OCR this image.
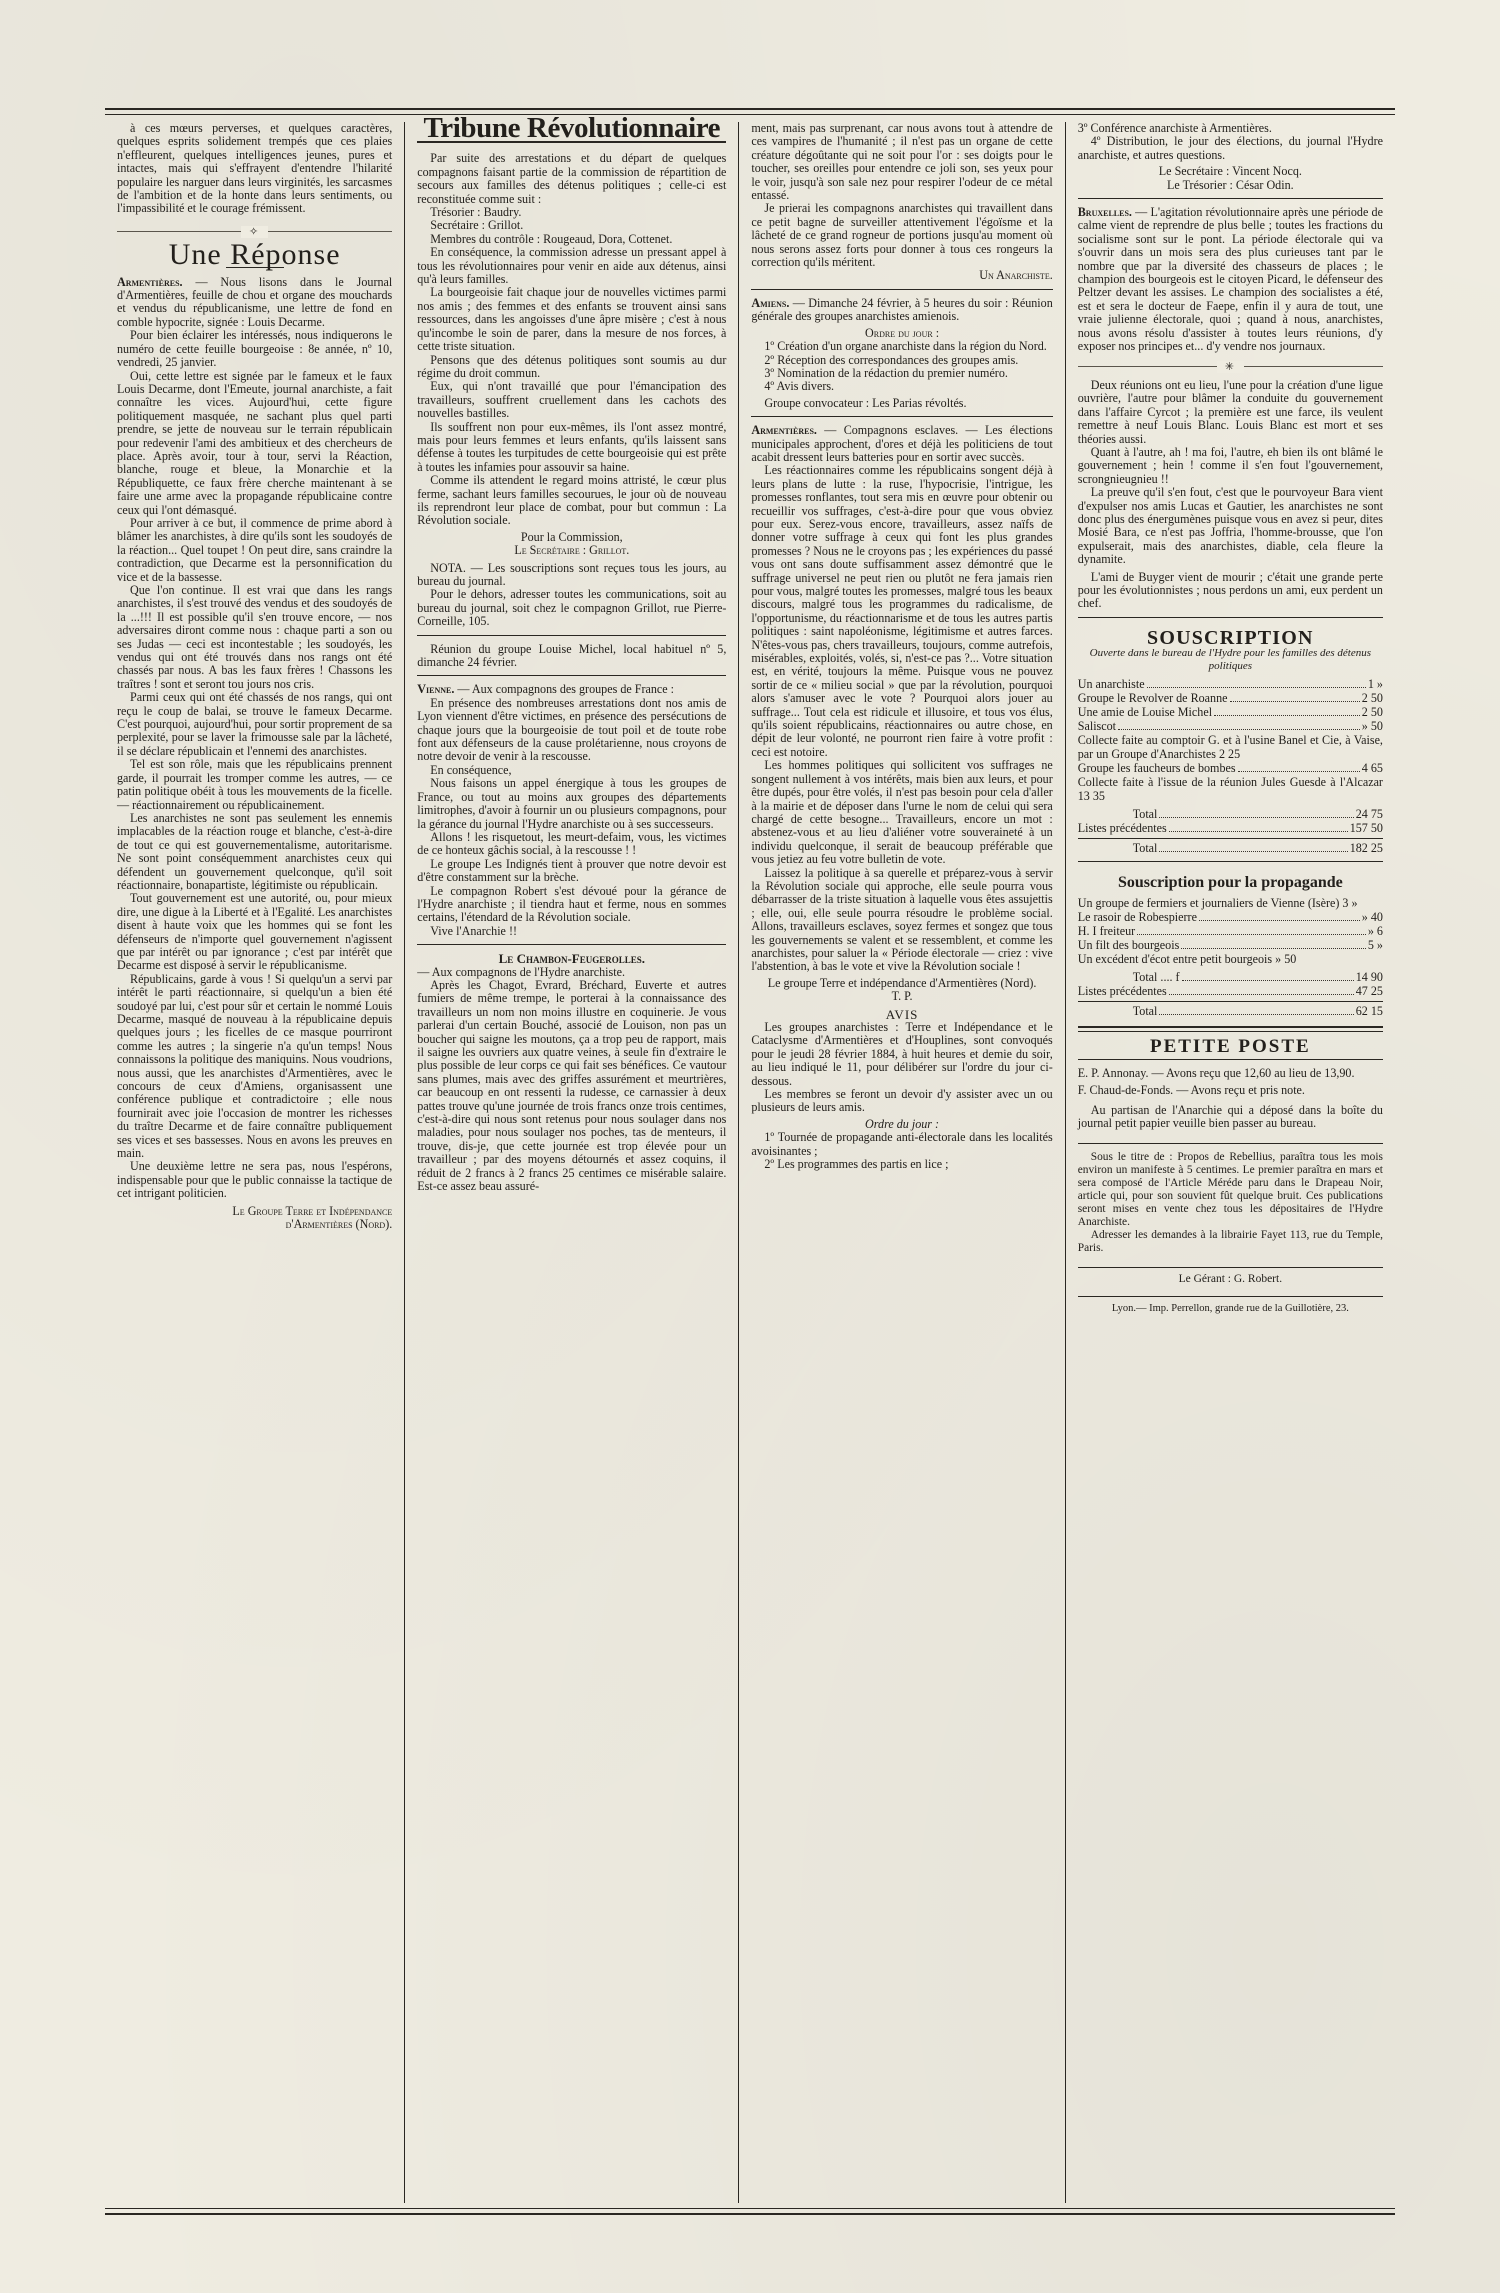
à ces mœurs perverses, et quelques caractères, quelques esprits solidement trempés que ces plaies n'effleurent, quelques intelligences jeunes, pures et intactes, mais qui s'effrayent d'entendre l'hilarité populaire les narguer dans leurs virginités, les sarcasmes de l'ambition et de la honte dans leurs sentiments, ou l'impassibilité et le courage frémissent.

✧
Une Réponse

Armentières. — Nous lisons dans le Journal d'Armentières, feuille de chou et organe des mouchards et vendus du républicanisme, une lettre de fond en comble hypocrite, signée : Louis Decarme.

Pour bien éclairer les intéressés, nous indiquerons le numéro de cette feuille bourgeoise : 8e année, nº 10, vendredi, 25 janvier.

Oui, cette lettre est signée par le fameux et le faux Louis Decarme, dont l'Emeute, journal anarchiste, a fait connaître les vices. Aujourd'hui, cette figure politiquement masquée, ne sachant plus quel parti prendre, se jette de nouveau sur le terrain républicain pour redevenir l'ami des ambitieux et des chercheurs de place. Après avoir, tour à tour, servi la Réaction, blanche, rouge et bleue, la Monarchie et la Républiquette, ce faux frère cherche maintenant à se faire une arme avec la propagande républicaine contre ceux qui l'ont démasqué.

Pour arriver à ce but, il commence de prime abord à blâmer les anarchistes, à dire qu'ils sont les soudoyés de la réaction... Quel toupet ! On peut dire, sans craindre la contradiction, que Decarme est la personnification du vice et de la bassesse.

Que l'on continue. Il est vrai que dans les rangs anarchistes, il s'est trouvé des vendus et des soudoyés de la ...!!! Il est possible qu'il s'en trouve encore, — nos adversaires diront comme nous : chaque parti a son ou ses Judas — ceci est incontestable ; les soudoyés, les vendus qui ont été trouvés dans nos rangs ont été chassés par nous. A bas les faux frères ! Chassons les traîtres ! sont et seront tou jours nos cris.

Parmi ceux qui ont été chassés de nos rangs, qui ont reçu le coup de balai, se trouve le fameux Decarme. C'est pourquoi, aujourd'hui, pour sortir proprement de sa perplexité, pour se laver la frimousse sale par la lâcheté, il se déclare républicain et l'ennemi des anarchistes.

Tel est son rôle, mais que les républicains prennent garde, il pourrait les tromper comme les autres, — ce patin politique obéit à tous les mouvements de la ficelle. — réactionnairement ou républicainement.

Les anarchistes ne sont pas seulement les ennemis implacables de la réaction rouge et blanche, c'est-à-dire de tout ce qui est gouvernementalisme, autoritarisme. Ne sont point conséquemment anarchistes ceux qui défendent un gouvernement quelconque, qu'il soit réactionnaire, bonapartiste, légitimiste ou républicain.

Tout gouvernement est une autorité, ou, pour mieux dire, une digue à la Liberté et à l'Egalité. Les anarchistes disent à haute voix que les hommes qui se font les défenseurs de n'importe quel gouvernement n'agissent que par intérêt ou par ignorance ; c'est par intérêt que Decarme est disposé à servir le républicanisme.

Républicains, garde à vous ! Si quelqu'un a servi par intérêt le parti réactionnaire, si quelqu'un a bien été soudoyé par lui, c'est pour sûr et certain le nommé Louis Decarme, masqué de nouveau à la républicaine depuis quelques jours ; les ficelles de ce masque pourriront comme les autres ; la singerie n'a qu'un temps! Nous connaissons la politique des maniquins. Nous voudrions, nous aussi, que les anarchistes d'Armentières, avec le concours de ceux d'Amiens, organisassent une conférence publique et contradictoire ; elle nous fournirait avec joie l'occasion de montrer les richesses du traître Decarme et de faire connaître publiquement ses vices et ses bassesses. Nous en avons les preuves en main.

Une deuxième lettre ne sera pas, nous l'espérons, indispensable pour que le public connaisse la tactique de cet intrigant politicien.

Le Groupe Terre et Indépendance

d'Armentières (Nord).

Tribune Révolutionnaire

Par suite des arrestations et du départ de quelques compagnons faisant partie de la commission de répartition de secours aux familles des détenus politiques ; celle-ci est reconstituée comme suit :

Trésorier : Baudry.

Secrétaire : Grillot.

Membres du contrôle : Rougeaud, Dora, Cottenet.

En conséquence, la commission adresse un pressant appel à tous les révolutionnaires pour venir en aide aux détenus, ainsi qu'à leurs familles.

La bourgeoisie fait chaque jour de nouvelles victimes parmi nos amis ; des femmes et des enfants se trouvent ainsi sans ressources, dans les angoisses d'une âpre misère ; c'est à nous qu'incombe le soin de parer, dans la mesure de nos forces, à cette triste situation.

Pensons que des détenus politiques sont soumis au dur régime du droit commun.

Eux, qui n'ont travaillé que pour l'émancipation des travailleurs, souffrent cruellement dans les cachots des nouvelles bastilles.

Ils souffrent non pour eux-mêmes, ils l'ont assez montré, mais pour leurs femmes et leurs enfants, qu'ils laissent sans défense à toutes les turpitudes de cette bourgeoisie qui est prête à toutes les infamies pour assouvir sa haine.

Comme ils attendent le regard moins attristé, le cœur plus ferme, sachant leurs familles secourues, le jour où de nouveau ils reprendront leur place de combat, pour but commun : La Révolution sociale.

Pour la Commission,

Le Secrétaire : Grillot.

NOTA. — Les souscriptions sont reçues tous les jours, au bureau du journal.

Pour le dehors, adresser toutes les communications, soit au bureau du journal, soit chez le compagnon Grillot, rue Pierre-Corneille, 105.

Réunion du groupe Louise Michel, local habituel nº 5, dimanche 24 février.

Vienne. — Aux compagnons des groupes de France :

En présence des nombreuses arrestations dont nos amis de Lyon viennent d'être victimes, en présence des persécutions de chaque jours que la bourgeoisie de tout poil et de toute robe font aux défenseurs de la cause prolétarienne, nous croyons de notre devoir de venir à la rescousse.

En conséquence,

Nous faisons un appel énergique à tous les groupes de France, ou tout au moins aux groupes des départements limitrophes, d'avoir à fournir un ou plusieurs compagnons, pour la gérance du journal l'Hydre anarchiste ou à ses successeurs.

Allons ! les risquetout, les meurt-defaim, vous, les victimes de ce honteux gâchis social, à la rescousse ! !

Le groupe Les Indignés tient à prouver que notre devoir est d'être constamment sur la brèche.

Le compagnon Robert s'est dévoué pour la gérance de l'Hydre anarchiste ; il tiendra haut et ferme, nous en sommes certains, l'étendard de la Révolution sociale.

Vive l'Anarchie !!

Le Chambon-Feugerolles.

— Aux compagnons de l'Hydre anarchiste.

Après les Chagot, Evrard, Bréchard, Euverte et autres fumiers de même trempe, le porterai à la connaissance des travailleurs un nom non moins illustre en coquinerie. Je vous parlerai d'un certain Bouché, associé de Louison, non pas un boucher qui saigne les moutons, ça a trop peu de rapport, mais il saigne les ouvriers aux quatre veines, à seule fin d'extraire le plus possible de leur corps ce qui fait ses bénéfices. Ce vautour sans plumes, mais avec des griffes assurément et meurtrières, car beaucoup en ont ressenti la rudesse, ce carnassier à deux pattes trouve qu'une journée de trois francs onze trois centimes, c'est-à-dire qui nous sont retenus pour nous soulager dans nos maladies, pour nous soulager nos poches, tas de menteurs, il trouve, dis-je, que cette journée est trop élevée pour un travailleur ; par des moyens détournés et assez coquins, il réduit de 2 francs à 2 francs 25 centimes ce misérable salaire. Est-ce assez beau assuré-

ment, mais pas surprenant, car nous avons tout à attendre de ces vampires de l'humanité ; il n'est pas un organe de cette créature dégoûtante qui ne soit pour l'or : ses doigts pour le toucher, ses oreilles pour entendre ce joli son, ses yeux pour le voir, jusqu'à son sale nez pour respirer l'odeur de ce métal entassé.

Je prierai les compagnons anarchistes qui travaillent dans ce petit bagne de surveiller attentivement l'égoïsme et la lâcheté de ce grand rogneur de portions jusqu'au moment où nous serons assez forts pour donner à tous ces rongeurs la correction qu'ils méritent.

Un Anarchiste.

Amiens. — Dimanche 24 février, à 5 heures du soir : Réunion générale des groupes anarchistes amienois.

Ordre du jour :

1º Création d'un organe anarchiste dans la région du Nord.

2º Réception des correspondances des groupes amis.

3º Nomination de la rédaction du premier numéro.

4º Avis divers.

Groupe convocateur : Les Parias révoltés.

Armentières. — Compagnons esclaves. — Les élections municipales approchent, d'ores et déjà les politiciens de tout acabit dressent leurs batteries pour en sortir avec succès.

Les réactionnaires comme les républicains songent déjà à leurs plans de lutte : la ruse, l'hypocrisie, l'intrigue, les promesses ronflantes, tout sera mis en œuvre pour obtenir ou recueillir vos suffrages, c'est-à-dire pour que vous obviez pour eux. Serez-vous encore, travailleurs, assez naïfs de donner votre suffrage à ceux qui font les plus grandes promesses ? Nous ne le croyons pas ; les expériences du passé vous ont sans doute suffisamment assez démontré que le suffrage universel ne peut rien ou plutôt ne fera jamais rien pour vous, malgré toutes les promesses, malgré tous les beaux discours, malgré tous les programmes du radicalisme, de l'opportunisme, du réactionnarisme et de tous les autres partis politiques : saint napoléonisme, légitimisme et autres farces. N'êtes-vous pas, chers travailleurs, toujours, comme autrefois, misérables, exploités, volés, si, n'est-ce pas ?... Votre situation est, en vérité, toujours la même. Puisque vous ne pouvez sortir de ce « milieu social » que par la révolution, pourquoi alors s'amuser avec le vote ? Pourquoi alors jouer au suffrage... Tout cela est ridicule et illusoire, et tous vos élus, qu'ils soient républicains, réactionnaires ou autre chose, en dépit de leur volonté, ne pourront rien faire à votre profit : ceci est notoire.

Les hommes politiques qui sollicitent vos suffrages ne songent nullement à vos intérêts, mais bien aux leurs, et pour être dupés, pour être volés, il n'est pas besoin pour cela d'aller à la mairie et de déposer dans l'urne le nom de celui qui sera chargé de cette besogne... Travailleurs, encore un mot : abstenez-vous et au lieu d'aliéner votre souveraineté à un individu quelconque, il serait de beaucoup préférable que vous jetiez au feu votre bulletin de vote.

Laissez la politique à sa querelle et préparez-vous à servir la Révolution sociale qui approche, elle seule pourra vous débarrasser de la triste situation à laquelle vous êtes assujettis ; elle, oui, elle seule pourra résoudre le problème social. Allons, travailleurs esclaves, soyez fermes et songez que tous les gouvernements se valent et se ressemblent, et comme les anarchistes, pour saluer la « Période électorale — criez : vive l'abstention, à bas le vote et vive la Révolution sociale !

Le groupe Terre et indépendance d'Armentières (Nord).

T. P.

AVIS

Les groupes anarchistes : Terre et Indépendance et le Cataclysme d'Armentières et d'Houplines, sont convoqués pour le jeudi 28 février 1884, à huit heures et demie du soir, au lieu indiqué le 11, pour délibérer sur l'ordre du jour ci-dessous.

Les membres se feront un devoir d'y assister avec un ou plusieurs de leurs amis.

Ordre du jour :

1º Tournée de propagande anti-électorale dans les localités avoisinantes ;

2º Les programmes des partis en lice ;

3º Conférence anarchiste à Armentières.

4º Distribution, le jour des élections, du journal l'Hydre anarchiste, et autres questions.

Le Secrétaire : Vincent Nocq.

Le Trésorier : César Odin.

Bruxelles. — L'agitation révolutionnaire après une période de calme vient de reprendre de plus belle ; toutes les fractions du socialisme sont sur le pont. La période électorale qui va s'ouvrir dans un mois sera des plus curieuses tant par le nombre que par la diversité des chasseurs de places ; le champion des bourgeois est le citoyen Picard, le défenseur des Peltzer devant les assises. Le champion des socialistes a été, est et sera le docteur de Faepe, enfin il y aura de tout, une vraie julienne électorale, quoi ; quand à nous, anarchistes, nous avons résolu d'assister à toutes leurs réunions, d'y exposer nos principes et... d'y vendre nos journaux.

✳

Deux réunions ont eu lieu, l'une pour la création d'une ligue ouvrière, l'autre pour blâmer la conduite du gouvernement dans l'affaire Cyrcot ; la première est une farce, ils veulent remettre à neuf Louis Blanc. Louis Blanc est mort et ses théories aussi.

Quant à l'autre, ah ! ma foi, l'autre, eh bien ils ont blâmé le gouvernement ; hein ! comme il s'en fout l'gouvernement, scrongnieugnieu !!

La preuve qu'il s'en fout, c'est que le pourvoyeur Bara vient d'expulser nos amis Lucas et Gautier, les anarchistes ne sont donc plus des énergumènes puisque vous en avez si peur, dites Mosié Bara, ce n'est pas Joffria, l'homme-brousse, que l'on expulserait, mais des anarchistes, diable, cela fleure la dynamite.

L'ami de Buyger vient de mourir ; c'était une grande perte pour les évolutionnistes ; nous perdons un ami, eux perdent un chef.

SOUSCRIPTION
Ouverte dans le bureau de l'Hydre pour les familles des détenus politiques
Un anarchiste	1 »
Groupe le Revolver de Roanne	2 50
Une amie de Louise Michel	2 50
Saliscot	» 50
Collecte faite au comptoir G. et à l'usine Banel et Cie, à Vaise, par un Groupe d'Anarchistes 2 25
Groupe les faucheurs de bombes	4 65
Collecte faite à l'issue de la réunion Jules Guesde à l'Alcazar 13 35
Total	24 75
Listes précédentes	157 50
Total	182 25
Souscription pour la propagande
Un groupe de fermiers et journaliers de Vienne (Isère) 3 »
Le rasoir de Robespierre	» 40
H. I freiteur	» 6
Un filt des bourgeois	5 »
Un excédent d'écot entre petit bourgeois » 50
Total .... f	14 90
Listes précédentes	47 25
Total	62 15
PETITE POSTE

E. P. Annonay. — Avons reçu que 12,60 au lieu de 13,90.

F. Chaud-de-Fonds. — Avons reçu et pris note.

Au partisan de l'Anarchie qui a déposé dans la boîte du journal petit papier veuille bien passer au bureau.

Sous le titre de : Propos de Rebellius, paraîtra tous les mois environ un manifeste à 5 centimes. Le premier paraîtra en mars et sera composé de l'Article Méréde paru dans le Drapeau Noir, article qui, pour son souvient fût quelque bruit. Ces publications seront mises en vente chez tous les dépositaires de l'Hydre Anarchiste.

Adresser les demandes à la librairie Fayet 113, rue du Temple, Paris.

Le Gérant : G. Robert.
Lyon.— Imp. Perrellon, grande rue de la Guillotière, 23.
